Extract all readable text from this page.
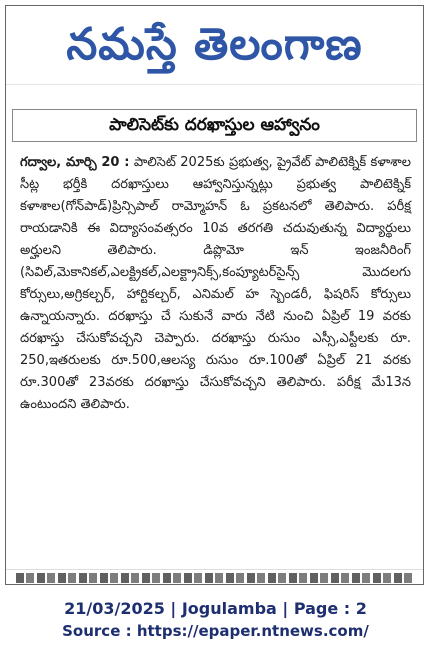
నమస్తే తెలంగాణ
పాలిసెట్‌కు దరఖాస్తుల ఆహ్వానం
గద్వాల, మార్చి 20 : పాలిసెట్ 2025కు ప్రభుత్వ, ప్రైవేట్ పాలిటెక్నిక్ కళాశాల సీట్ల భర్తీకి దరఖాస్తులు ఆహ్వానిస్తున్నట్లు ప్రభుత్వ పాలిటెక్నిక్ కళాశాల(గోన్‌పాడ్)ప్రిన్సిపాల్ రామ్మోహన్ ఓ ప్రకటనలో తెలిపారు. పరీక్ష రాయడానికి ఈ విద్యాసంవత్సరం 10వ తరగతి చదువుతున్న విద్యార్థులు అర్హులని తెలిపారు. డిప్లొమో ఇన్ ఇంజనీరింగ్ (సివిల్,మెకానికల్,ఎలక్ట్రికల్,ఎలక్ట్రానిక్స్,కంప్యూటర్‌సైన్స్ మొదలగు కోర్సులు,అగ్రికల్చర్, హార్టికల్చర్, ఎనిమల్ హ స్బెండరీ, ఫిషరిస్ కోర్సులు ఉన్నాయన్నారు. దరఖాస్తు చే సుకునే వారు నేటి నుంచి ఏప్రిల్ 19 వరకు దరఖాస్తు చేసుకోవచ్చని చెప్పారు. దరఖాస్తు రుసుం ఎస్సీ,ఎస్టీలకు రూ. 250,ఇతరులకు రూ.500,ఆలస్య రుసుం రూ.100తో ఏప్రిల్ 21 వరకు రూ.300తో 23వరకు దరఖాస్తు చేసుకోవచ్చని తెలిపారు. పరీక్ష మే13న ఉంటుందని తెలిపారు.
21/03/2025 | Jogulamba | Page : 2
Source : https://epaper.ntnews.com/
